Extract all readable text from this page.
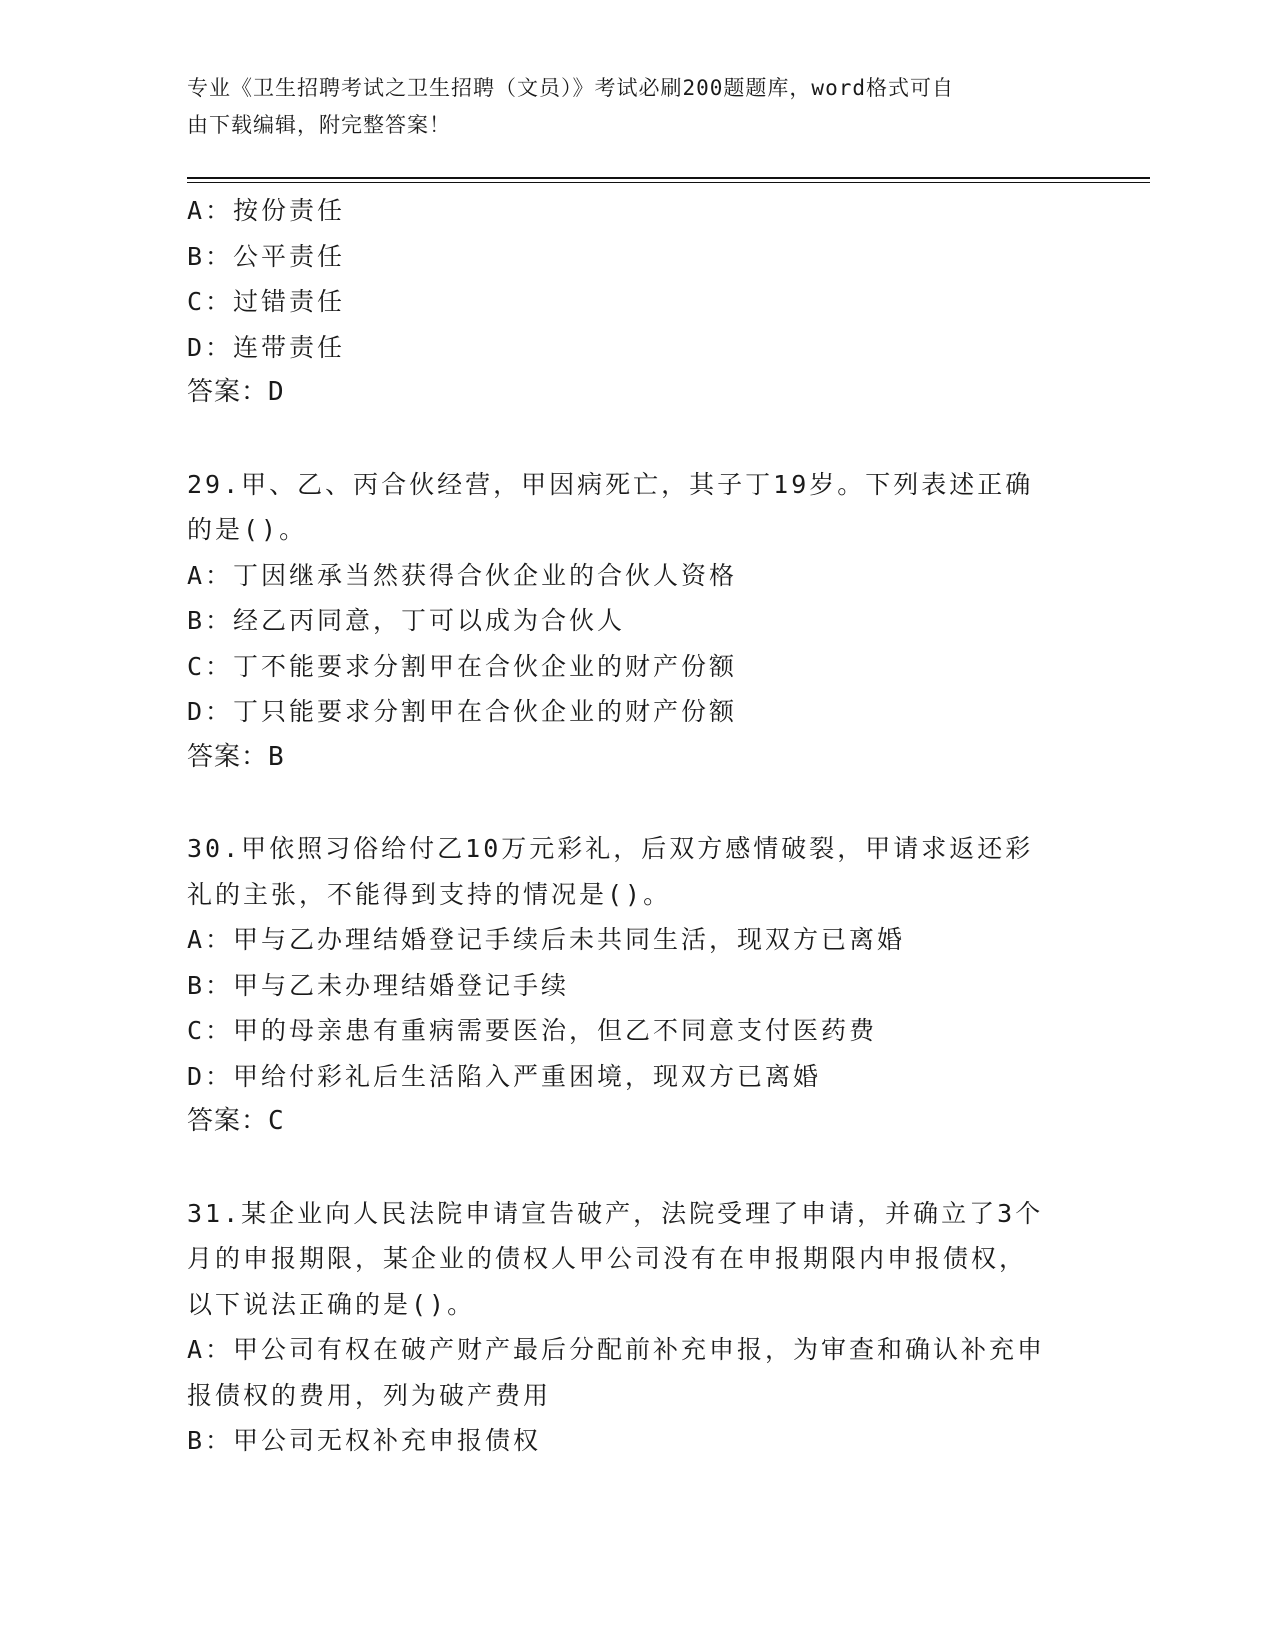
专业《卫生招聘考试之卫生招聘（文员）》考试必刷200题题库，word格式可自
由下载编辑，附完整答案！
A：按份责任
B：公平责任
C：过错责任
D：连带责任
答案：D
29.甲、乙、丙合伙经营，甲因病死亡，其子丁19岁。下列表述正确
的是()。
A：丁因继承当然获得合伙企业的合伙人资格
B：经乙丙同意，丁可以成为合伙人
C：丁不能要求分割甲在合伙企业的财产份额
D：丁只能要求分割甲在合伙企业的财产份额
答案：B
30.甲依照习俗给付乙10万元彩礼，后双方感情破裂，甲请求返还彩
礼的主张，不能得到支持的情况是()。
A：甲与乙办理结婚登记手续后未共同生活，现双方已离婚
B：甲与乙未办理结婚登记手续
C：甲的母亲患有重病需要医治，但乙不同意支付医药费
D：甲给付彩礼后生活陷入严重困境，现双方已离婚
答案：C
31.某企业向人民法院申请宣告破产，法院受理了申请，并确立了3个
月的申报期限，某企业的债权人甲公司没有在申报期限内申报债权，
以下说法正确的是()。
A：甲公司有权在破产财产最后分配前补充申报，为审查和确认补充申
报债权的费用，列为破产费用
B：甲公司无权补充申报债权
